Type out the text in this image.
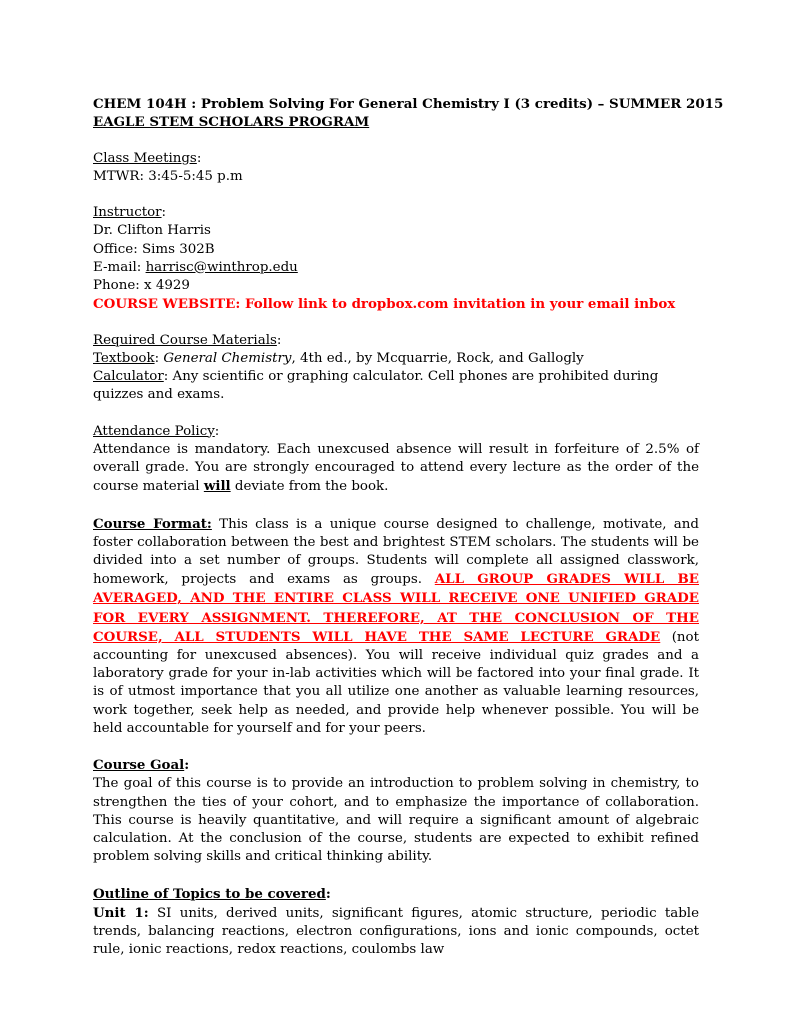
CHEM 104H : Problem Solving For General Chemistry I (3 credits) – SUMMER 2015
EAGLE STEM SCHOLARS PROGRAM
Class Meetings:
MTWR: 3:45-5:45 p.m
Instructor:
Dr. Clifton Harris
Office: Sims 302B
E-mail: harrisc@winthrop.edu
Phone: x 4929
COURSE WEBSITE: Follow link to dropbox.com invitation in your email inbox
Required Course Materials:
Textbook: General Chemistry, 4th ed., by Mcquarrie, Rock, and Gallogly
Calculator: Any scientific or graphing calculator. Cell phones are prohibited during quizzes and exams.
Attendance Policy:
Attendance is mandatory. Each unexcused absence will result in forfeiture of 2.5% of overall grade. You are strongly encouraged to attend every lecture as the order of the course material will deviate from the book.
Course Format: This class is a unique course designed to challenge, motivate, and foster collaboration between the best and brightest STEM scholars. The students will be divided into a set number of groups. Students will complete all assigned classwork, homework, projects and exams as groups. ALL GROUP GRADES WILL BE AVERAGED, AND THE ENTIRE CLASS WILL RECEIVE ONE UNIFIED GRADE FOR EVERY ASSIGNMENT. THEREFORE, AT THE CONCLUSION OF THE COURSE, ALL STUDENTS WILL HAVE THE SAME LECTURE GRADE (not accounting for unexcused absences). You will receive individual quiz grades and a laboratory grade for your in-lab activities which will be factored into your final grade. It is of utmost importance that you all utilize one another as valuable learning resources, work together, seek help as needed, and provide help whenever possible. You will be held accountable for yourself and for your peers.
Course Goal:
The goal of this course is to provide an introduction to problem solving in chemistry, to strengthen the ties of your cohort, and to emphasize the importance of collaboration. This course is heavily quantitative, and will require a significant amount of algebraic calculation. At the conclusion of the course, students are expected to exhibit refined problem solving skills and critical thinking ability.
Outline of Topics to be covered:
Unit 1: SI units, derived units, significant figures, atomic structure, periodic table trends, balancing reactions, electron configurations, ions and ionic compounds, octet rule, ionic reactions, redox reactions, coulombs law
